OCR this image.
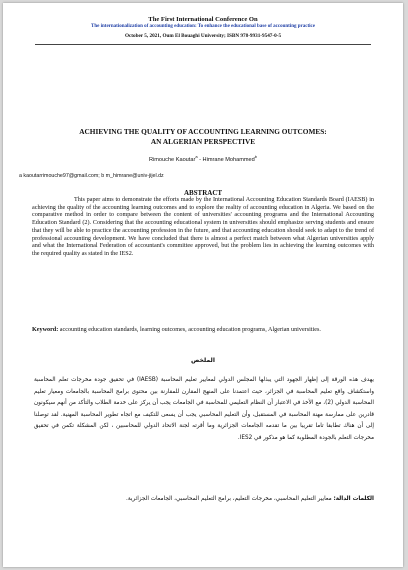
The First International Conference On
The internationalization of accounting education: To enhance the educational base of accounting practice
October 5, 2021, Oum El Bouaghi University; ISBN 978-9931-9547-0-5
ACHIEVING THE QUALITY OF ACCOUNTING LEARNING OUTCOMES:
AN ALGERIAN PERSPECTIVE
Rimouche Kaoutar$^a$ - Himrane Mohammed$^b$
a kaoutarrimouche97@gmail.com; b m_himrane@univ-jijel.dz
ABSTRACT
This paper aims to demonstrate the efforts made by the International Accounting Education Standards Board (IAESB) in achieving the quality of the accounting learning outcomes and to explore the reality of accounting education in Algeria. We based on the comparative method in order to compare between the content of universities' accounting programs and the International Accounting Education Standard (2). Considering that the accounting educational system in universities should emphasize serving students and ensure that they will be able to practice the accounting profession in the future, and that accounting education should seek to adapt to the trend of professional accounting development. We have concluded that there is almost a perfect match between what Algerian universities apply and what the International Federation of accountant's committee approved, but the problem lies in achieving the learning outcomes with the required quality as stated in the IES2.
Keyword: accounting education standards, learning outcomes, accounting education programs, Algerian universities.
الملخص
يهدف هذه الورقة إلى إظهار الجهود التي يبذلها المجلس الدولي لمعايير تعليم المحاسبة (IAESB) في تحقيق جودة مخرجات تعلم المحاسبة واستكشاف واقع تعليم المحاسبة في الجزائر، حيث اعتمدنا على المنهج المقارن للمقارنة بين محتوى برامج المحاسبة بالجامعات ومعيار تعليم المحاسبة الدولي (2)، مع الأخذ في الاعتبار أن النظام التعليمي للمحاسبة في الجامعات يجب أن يركز على خدمة الطلاب والتأكد من أنهم سيكونون قادرين على ممارسة مهنة المحاسبة في المستقبل، وأن التعليم المحاسبي يجب أن يسعى للتكيف مع اتجاه تطوير المحاسبة المهنية. لقد توصلنا إلى أن هناك تطابقا تاما تقريبا بين ما تقدمه الجامعات الجزائرية وما أقرته لجنة الاتحاد الدولي للمحاسبين ، لكن المشكلة تكمن في تحقيق مخرجات التعلم بالجودة المطلوبة كما هو مذكور في IES2.
الكلمات الدالة: معايير التعليم المحاسبي، مخرجات التعليم، برامج التعليم المحاسبي، الجامعات الجزائرية.
